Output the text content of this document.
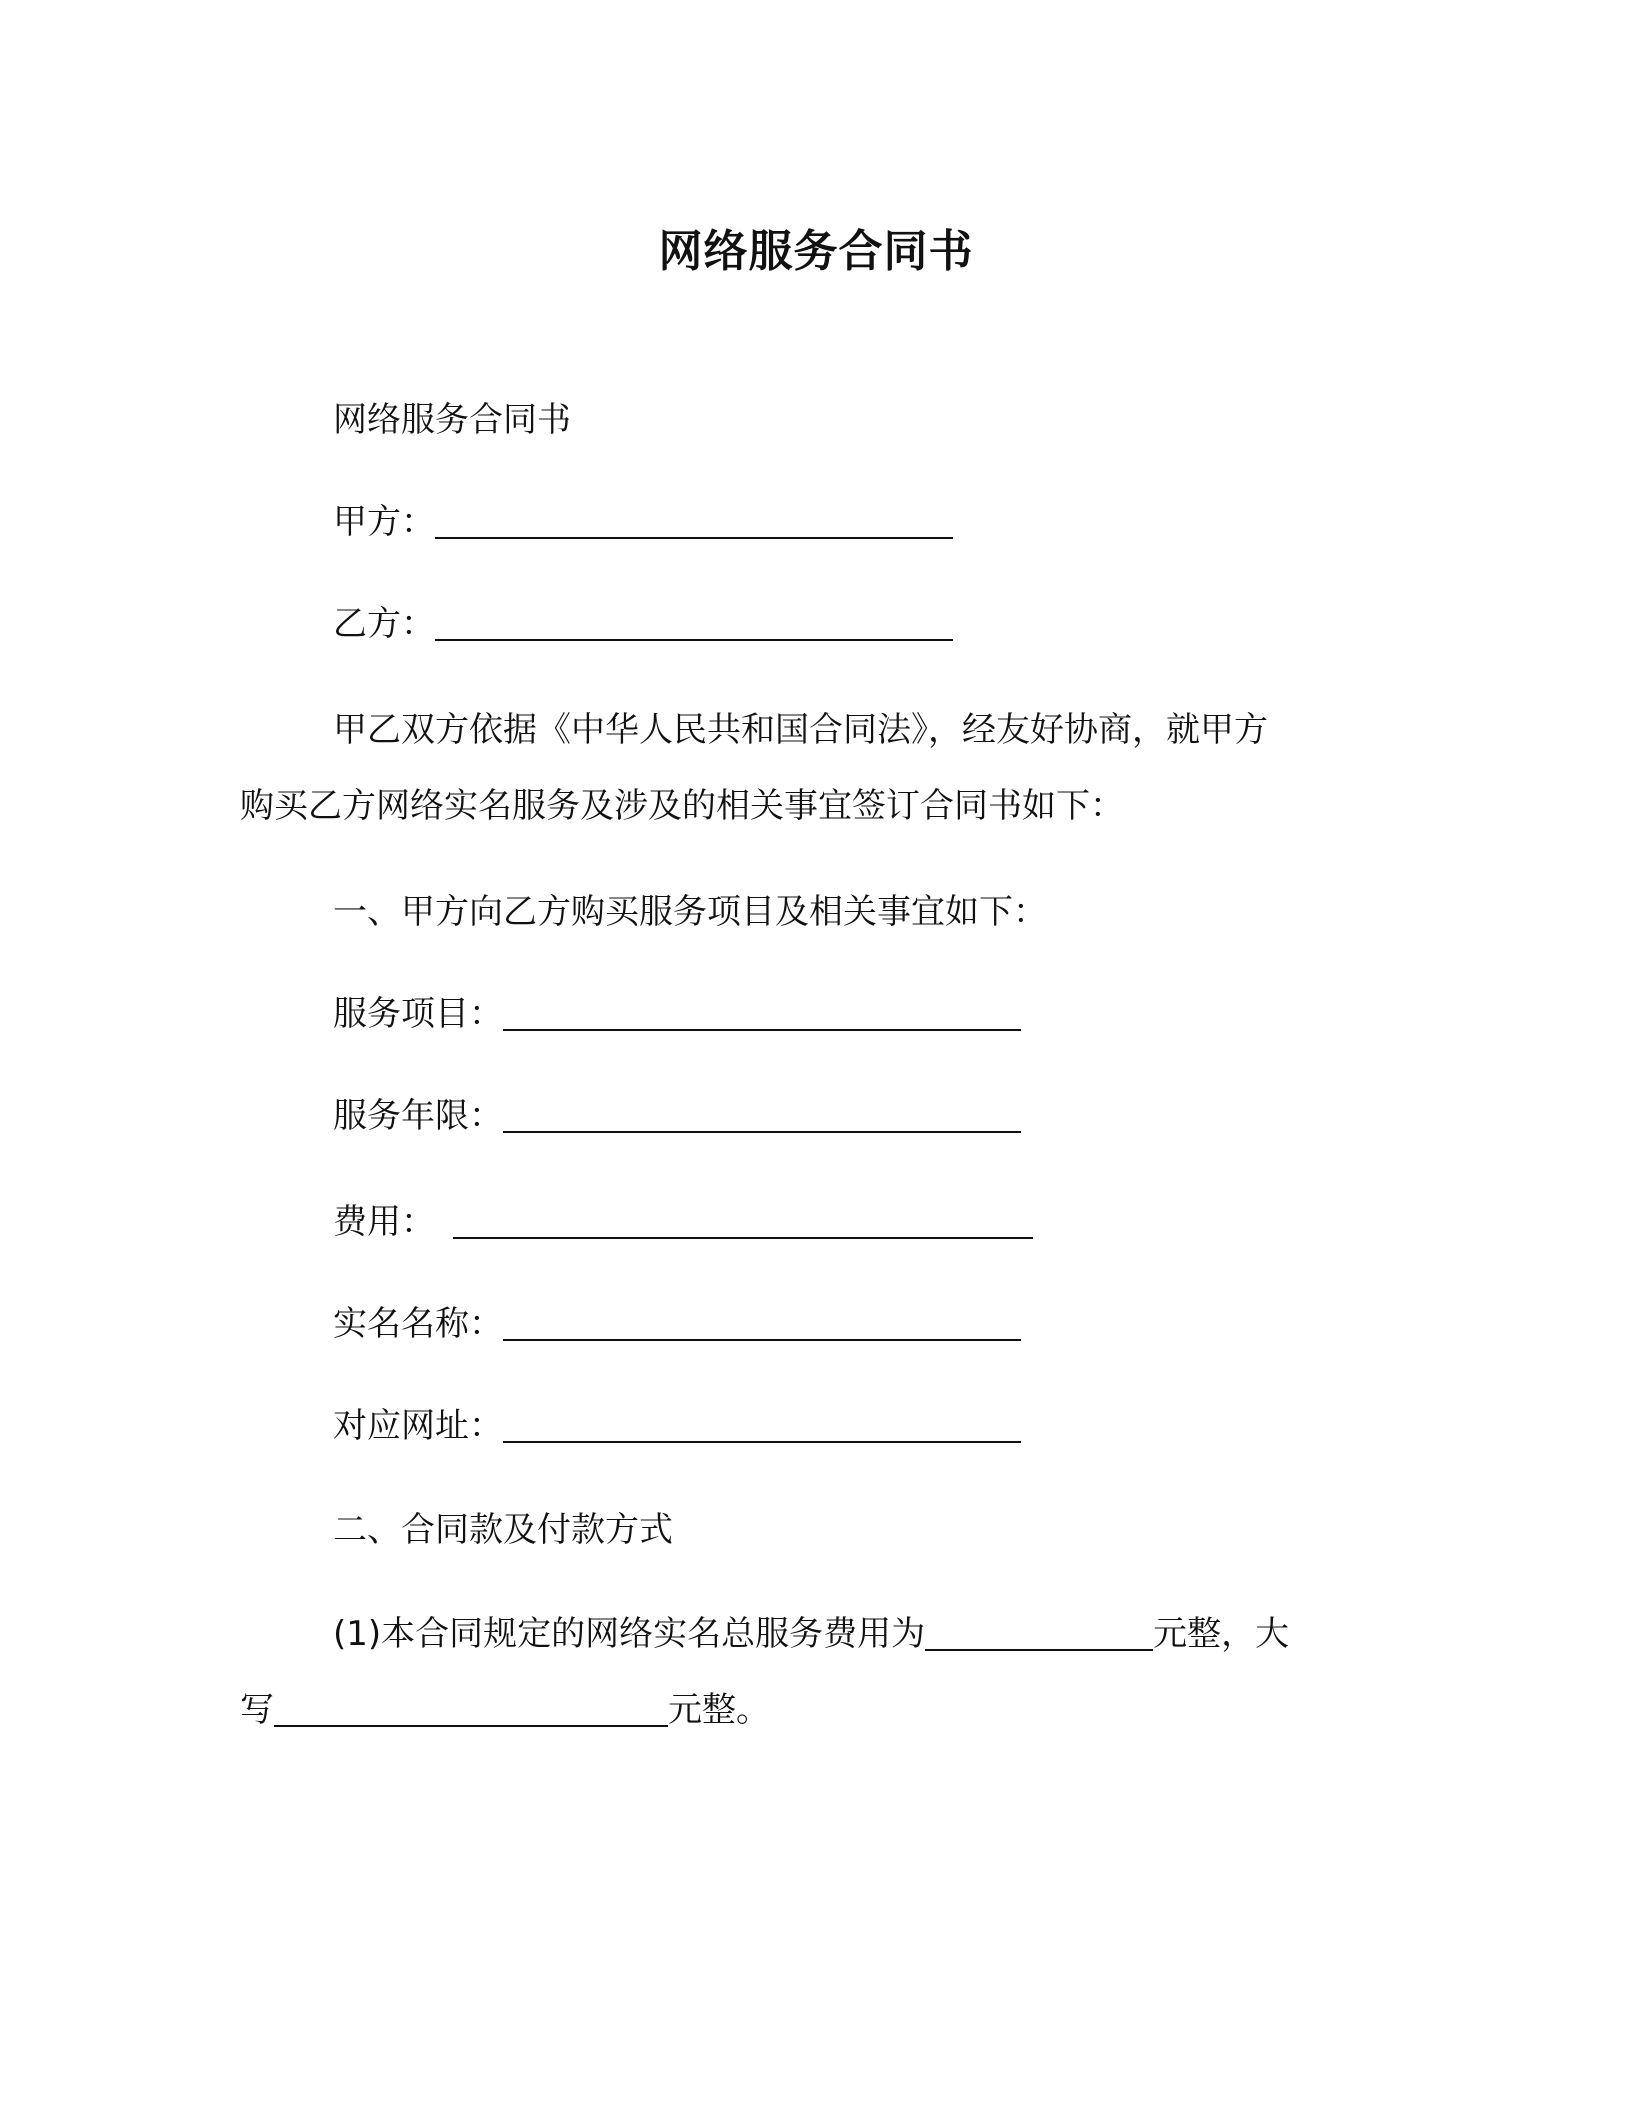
网络服务合同书
网络服务合同书
甲方：
乙方：
甲乙双方依据《中华人民共和国合同法》，经友好协商，就甲方
购买乙方网络实名服务及涉及的相关事宜签订合同书如下：
一、甲方向乙方购买服务项目及相关事宜如下：
服务项目：
服务年限：
费用：
实名名称：
对应网址：
二、合同款及付款方式
(1)本合同规定的网络实名总服务费用为	元整，大
写	元整。
